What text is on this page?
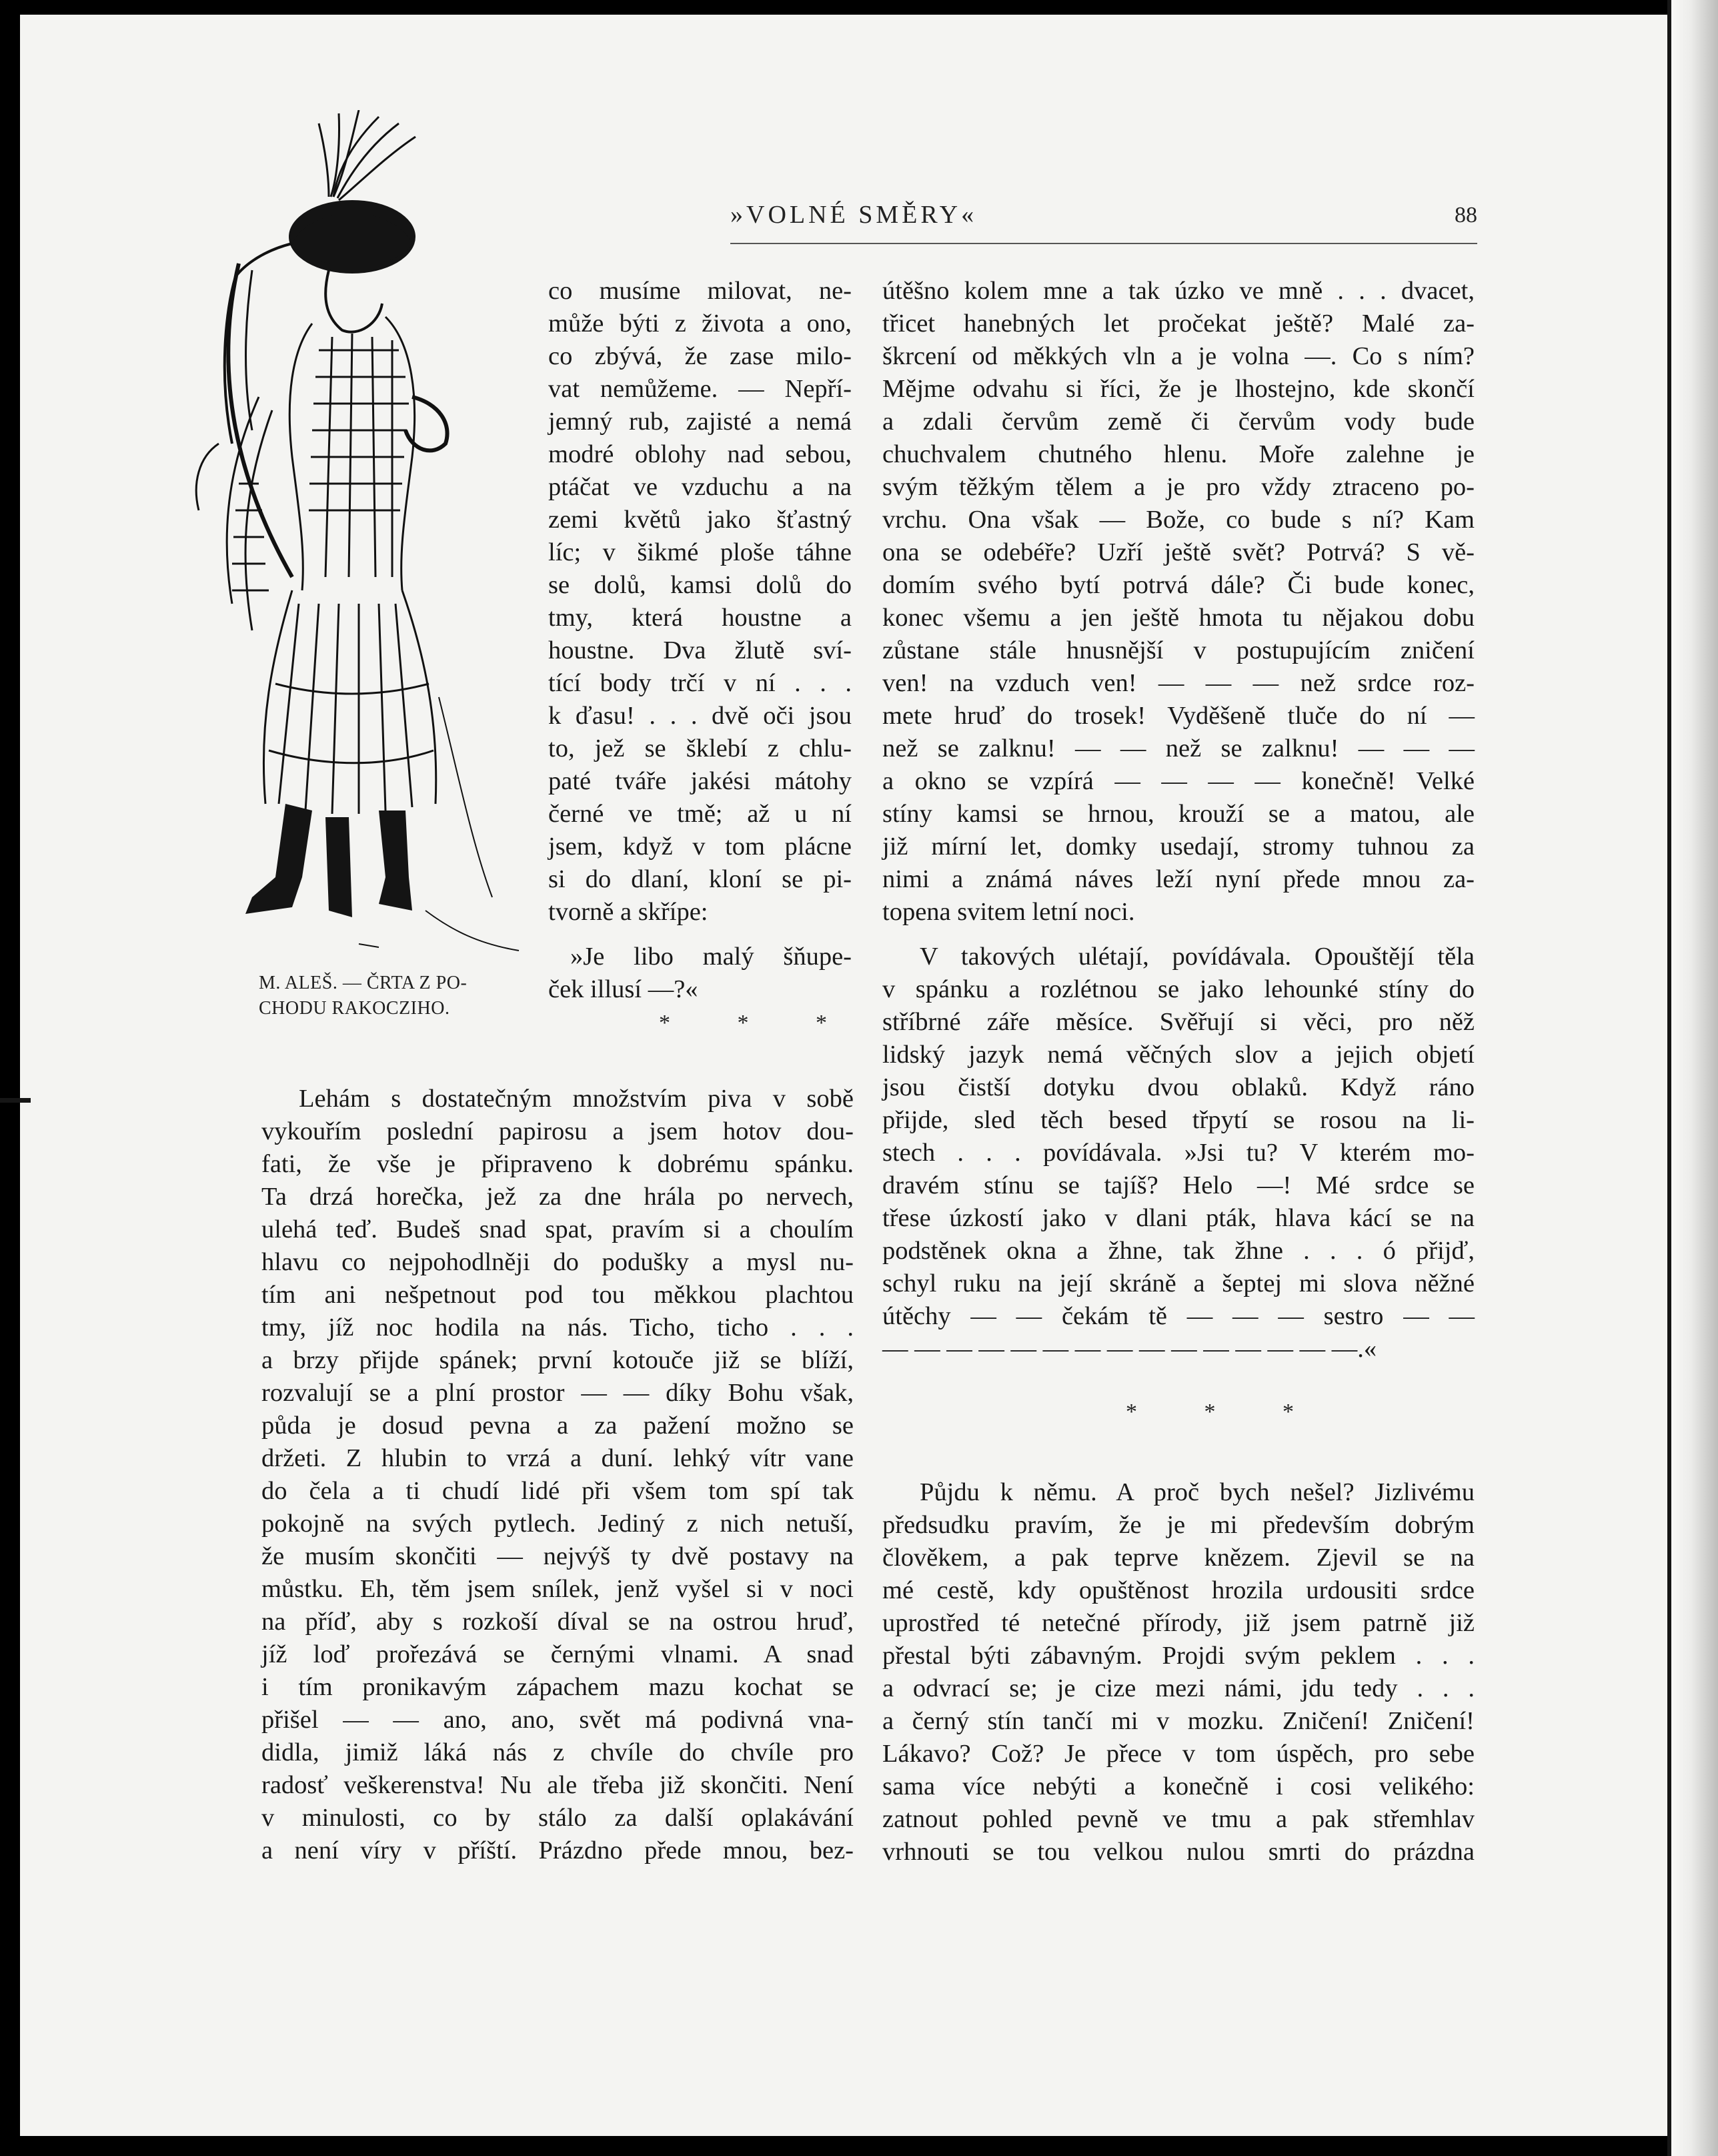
»VOLNÉ SMĚRY«	88
M. ALEŠ. — ČRTA Z PO-
CHODU RAKOCZIHO.

co musíme milovat, ne-

může býti z života a ono,

co zbývá, že zase milo-

vat nemůžeme. — Nepří-

jemný rub, zajisté a nemá

modré oblohy nad sebou,

ptáčat ve vzduchu a na

zemi květů jako šťastný

líc; v šikmé ploše táhne

se dolů, kamsi dolů do

tmy, která houstne a

houstne. Dva žlutě sví-

tící body trčí v ní . . .

k ďasu! . . . dvě oči jsou

to, jež se šklebí z chlu-

paté tváře jakési mátohy

černé ve tmě; až u ní

jsem, když v tom plácne

si do dlaní, kloní se pi-

tvorně a skřípe:

»Je libo malý šňupe-

ček illusí —?«

* * *

Lehám s dostatečným množstvím piva v sobě

vykouřím poslední papirosu a jsem hotov dou-

fati, že vše je připraveno k dobrému spánku.

Ta drzá horečka, jež za dne hrála po nervech,

ulehá teď. Budeš snad spat, pravím si a choulím

hlavu co nejpohodlněji do podušky a mysl nu-

tím ani nešpetnout pod tou měkkou plachtou

tmy, jíž noc hodila na nás. Ticho, ticho . . .

a brzy přijde spánek; první kotouče již se blíží,

rozvalují se a plní prostor — — díky Bohu však,

půda je dosud pevna a za pažení možno se

držeti. Z hlubin to vrzá a duní. lehký vítr vane

do čela a ti chudí lidé při všem tom spí tak

pokojně na svých pytlech. Jediný z nich netuší,

že musím skončiti — nejvýš ty dvě postavy na

můstku. Eh, těm jsem snílek, jenž vyšel si v noci

na příď, aby s rozkoší díval se na ostrou hruď,

jíž loď prořezává se černými vlnami. A snad

i tím pronikavým zápachem mazu kochat se

přišel — — ano, ano, svět má podivná vna-

didla, jimiž láká nás z chvíle do chvíle pro

radosť veškerenstva! Nu ale třeba již skončiti. Není

v minulosti, co by stálo za další oplakávání

a není víry v příští. Prázdno přede mnou, bez-

útěšno kolem mne a tak úzko ve mně . . . dvacet,

třicet hanebných let pročekat ještě? Malé za-

škrcení od měkkých vln a je volna —. Co s ním?

Mějme odvahu si říci, že je lhostejno, kde skončí

a zdali červům země či červům vody bude

chuchvalem chutného hlenu. Moře zalehne je

svým těžkým tělem a je pro vždy ztraceno po-

vrchu. Ona však — Bože, co bude s ní? Kam

ona se odebéře? Uzří ještě svět? Potrvá? S vě-

domím svého bytí potrvá dále? Či bude konec,

konec všemu a jen ještě hmota tu nějakou dobu

zůstane stále hnusnější v postupujícím zničení

ven! na vzduch ven! — — — než srdce roz-

mete hruď do trosek! Vyděšeně tluče do ní —

než se zalknu! — — než se zalknu! — — —

a okno se vzpírá — — — — konečně! Velké

stíny kamsi se hrnou, krouží se a matou, ale

již mírní let, domky usedají, stromy tuhnou za

nimi a známá náves leží nyní přede mnou za-

topena svitem letní noci.

V takových ulétají, povídávala. Opouštějí těla

v spánku a rozlétnou se jako lehounké stíny do

stříbrné záře měsíce. Svěřují si věci, pro něž

lidský jazyk nemá věčných slov a jejich objetí

jsou čistší dotyku dvou oblaků. Když ráno

přijde, sled těch besed třpytí se rosou na li-

stech . . . povídávala. »Jsi tu? V kterém mo-

dravém stínu se tajíš? Helo —! Mé srdce se

třese úzkostí jako v dlani pták, hlava kácí se na

podstěnek okna a žhne, tak žhne . . . ó přijď,

schyl ruku na její skráně a šeptej mi slova něžné

útěchy — — čekám tě — — — sestro — —

— — — — — — — — — — — — — — —.«

* * *

Půjdu k němu. A proč bych nešel? Jizlivému

předsudku pravím, že je mi především dobrým

člověkem, a pak teprve knězem. Zjevil se na

mé cestě, kdy opuštěnost hrozila urdousiti srdce

uprostřed té netečné přírody, již jsem patrně již

přestal býti zábavným. Projdi svým peklem . . .

a odvrací se; je cize mezi námi, jdu tedy . . .

a černý stín tančí mi v mozku. Zničení! Zničení!

Lákavo? Což? Je přece v tom úspěch, pro sebe

sama více nebýti a konečně i cosi velikého:

zatnout pohled pevně ve tmu a pak střemhlav

vrhnouti se tou velkou nulou smrti do prázdna
